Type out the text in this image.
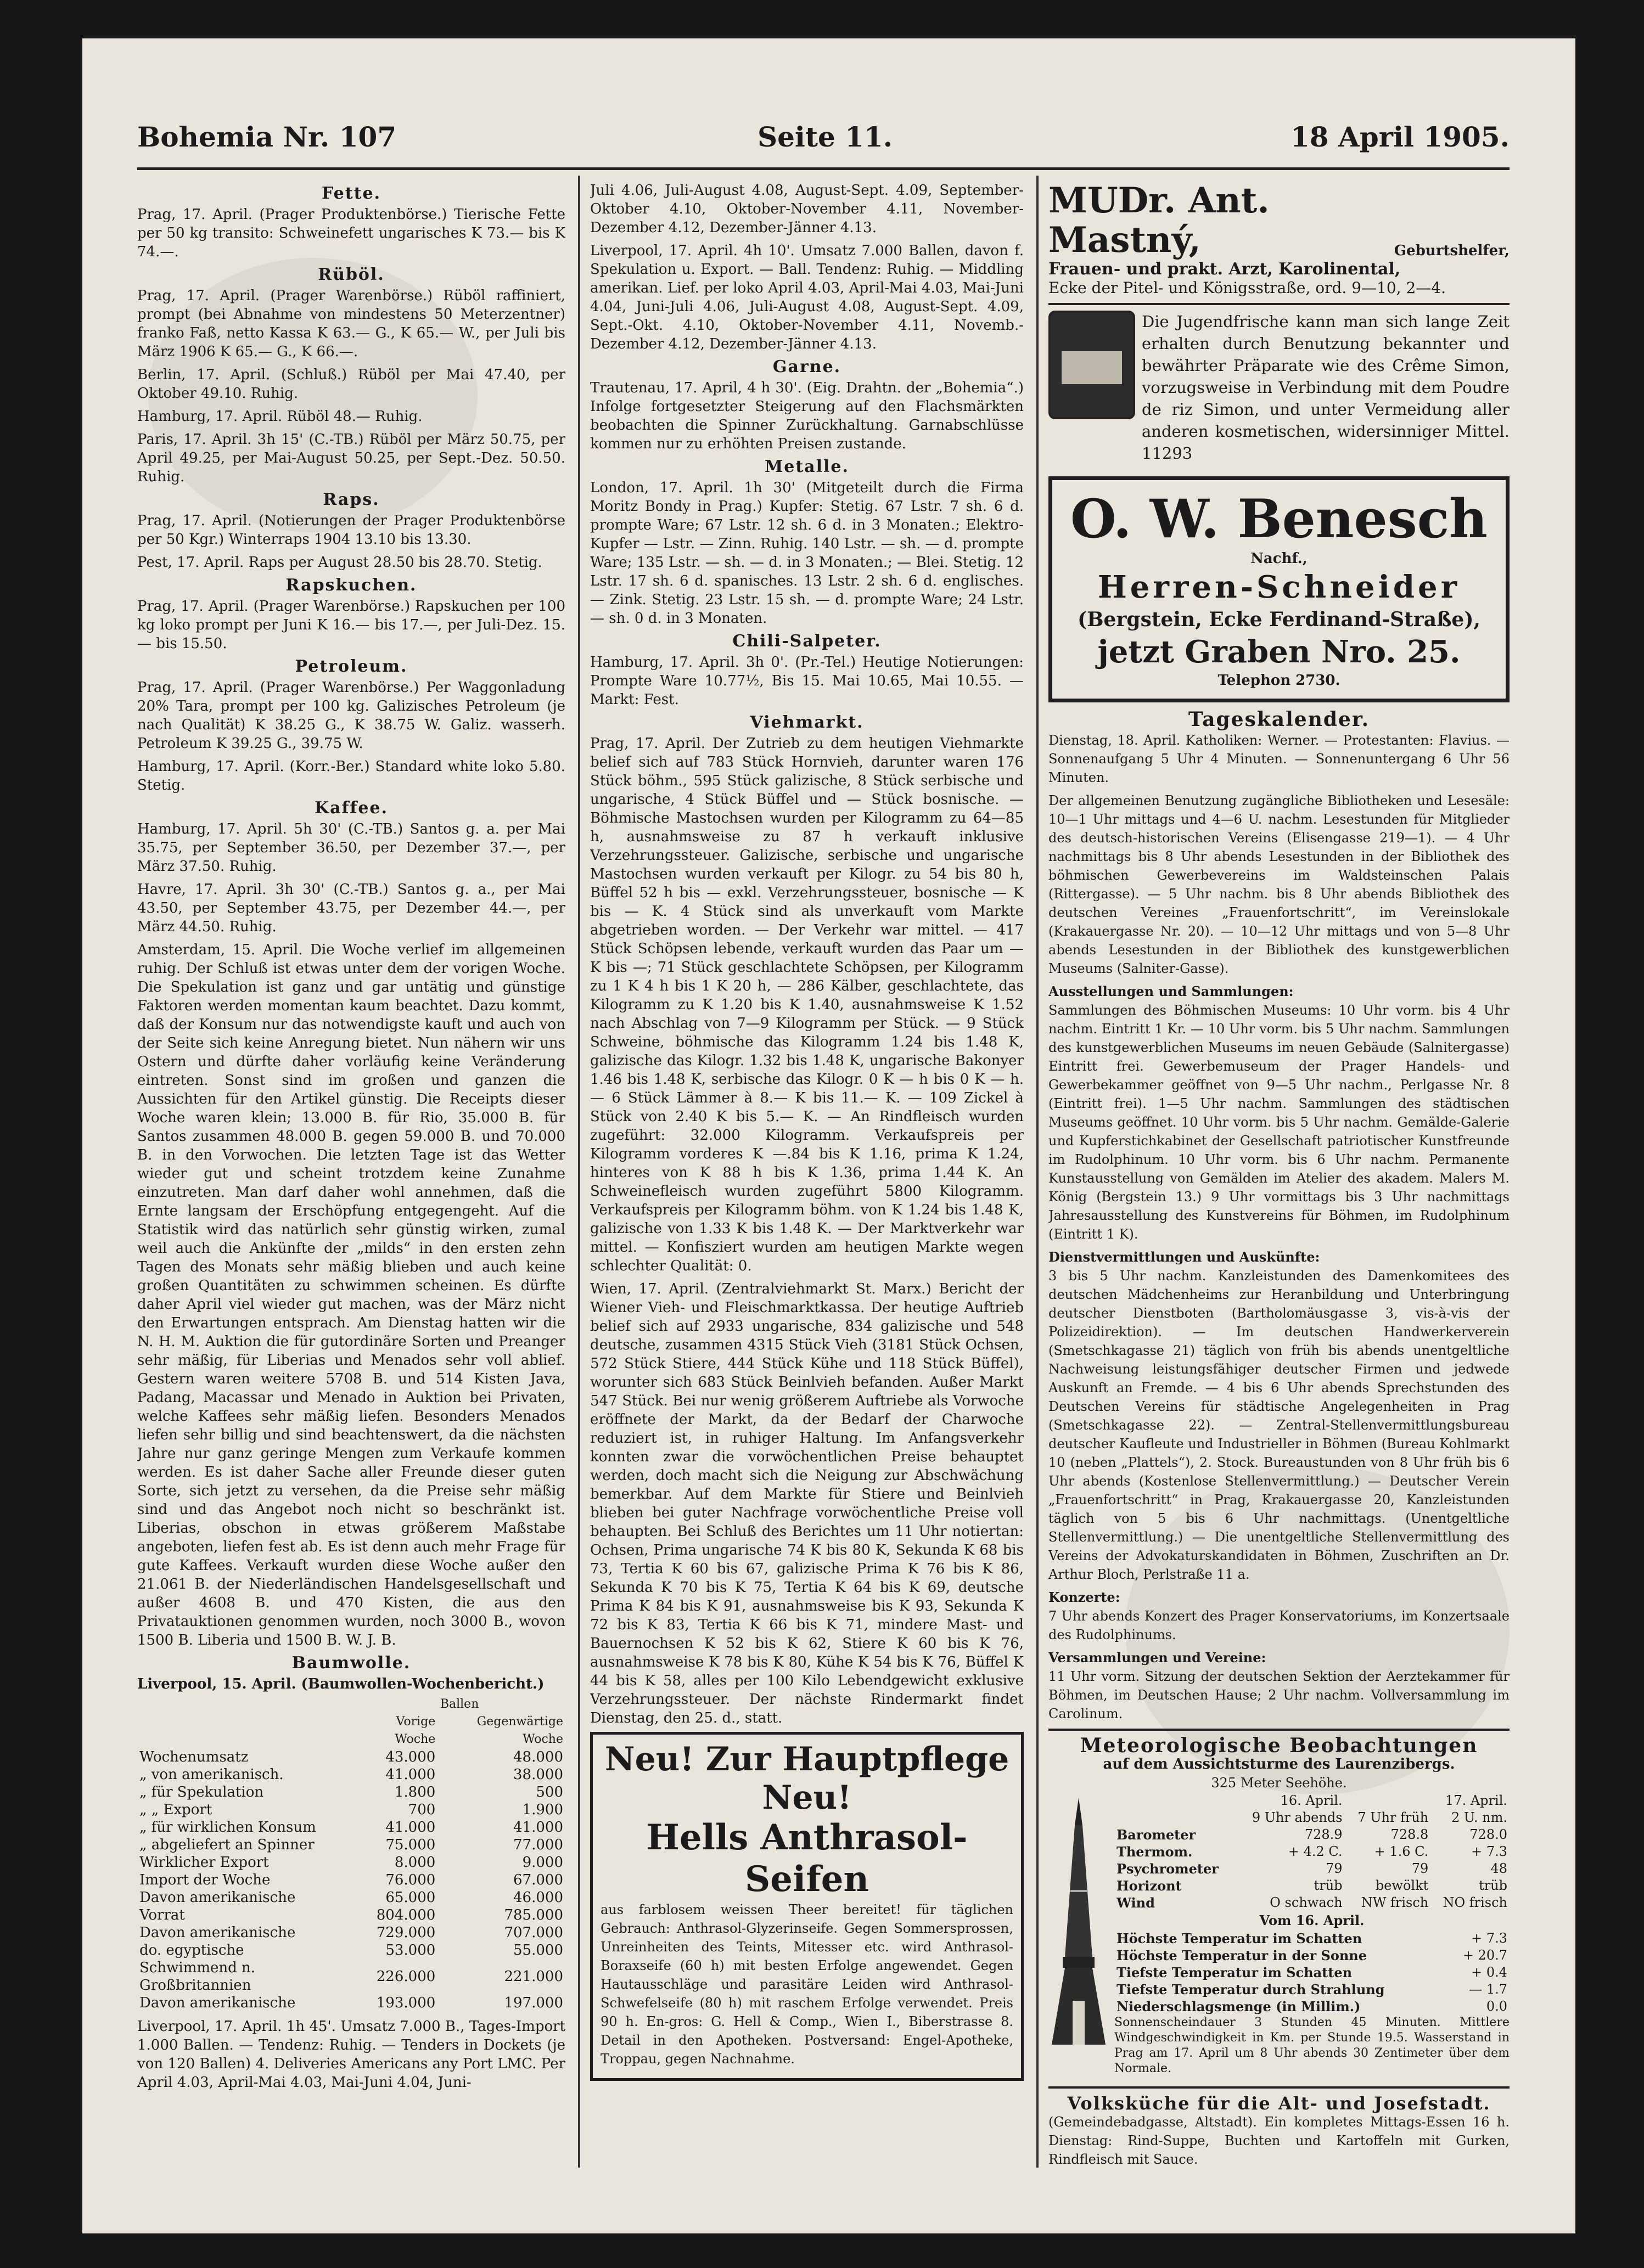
Bohemia Nr. 107	Seite 11.	18 April 1905.
Fette.

Prag, 17. April. (Prager Produktenbörse.) Tierische Fette per 50 kg transito: Schweinefett ungarisches K 73.— bis K 74.—.

Rüböl.

Prag, 17. April. (Prager Warenbörse.) Rüböl raffiniert, prompt (bei Abnahme von mindestens 50 Meterzentner) franko Faß, netto Kassa K 63.— G., K 65.— W., per Juli bis März 1906 K 65.— G., K 66.—.

Berlin, 17. April. (Schluß.) Rüböl per Mai 47.40, per Oktober 49.10. Ruhig.

Hamburg, 17. April. Rüböl 48.— Ruhig.

Paris, 17. April. 3h 15' (C.-TB.) Rüböl per März 50.75, per April 49.25, per Mai-August 50.25, per Sept.-Dez. 50.50. Ruhig.

Raps.

Prag, 17. April. (Notierungen der Prager Produktenbörse per 50 Kgr.) Winterraps 1904 13.10 bis 13.30.

Pest, 17. April. Raps per August 28.50 bis 28.70. Stetig.

Rapskuchen.

Prag, 17. April. (Prager Warenbörse.) Rapskuchen per 100 kg loko prompt per Juni K 16.— bis 17.—, per Juli-Dez. 15.— bis 15.50.

Petroleum.

Prag, 17. April. (Prager Warenbörse.) Per Waggonladung 20% Tara, prompt per 100 kg. Galizisches Petroleum (je nach Qualität) K 38.25 G., K 38.75 W. Galiz. wasserh. Petroleum K 39.25 G., 39.75 W.

Hamburg, 17. April. (Korr.-Ber.) Standard white loko 5.80. Stetig.

Kaffee.

Hamburg, 17. April. 5h 30' (C.-TB.) Santos g. a. per Mai 35.75, per September 36.50, per Dezember 37.—, per März 37.50. Ruhig.

Havre, 17. April. 3h 30' (C.-TB.) Santos g. a., per Mai 43.50, per September 43.75, per Dezember 44.—, per März 44.50. Ruhig.

Amsterdam, 15. April. Die Woche verlief im allgemeinen ruhig. Der Schluß ist etwas unter dem der vorigen Woche. Die Spekulation ist ganz und gar untätig und günstige Faktoren werden momentan kaum beachtet. Dazu kommt, daß der Konsum nur das notwendigste kauft und auch von der Seite sich keine Anregung bietet. Nun nähern wir uns Ostern und dürfte daher vorläufig keine Veränderung eintreten. Sonst sind im großen und ganzen die Aussichten für den Artikel günstig. Die Receipts dieser Woche waren klein; 13.000 B. für Rio, 35.000 B. für Santos zusammen 48.000 B. gegen 59.000 B. und 70.000 B. in den Vorwochen. Die letzten Tage ist das Wetter wieder gut und scheint trotzdem keine Zunahme einzutreten. Man darf daher wohl annehmen, daß die Ernte langsam der Erschöpfung entgegengeht. Auf die Statistik wird das natürlich sehr günstig wirken, zumal weil auch die Ankünfte der „milds“ in den ersten zehn Tagen des Monats sehr mäßig blieben und auch keine großen Quantitäten zu schwimmen scheinen. Es dürfte daher April viel wieder gut machen, was der März nicht den Erwartungen entsprach. Am Dienstag hatten wir die N. H. M. Auktion die für gutordinäre Sorten und Preanger sehr mäßig, für Liberias und Menados sehr voll ablief. Gestern waren weitere 5708 B. und 514 Kisten Java, Padang, Macassar und Menado in Auktion bei Privaten, welche Kaffees sehr mäßig liefen. Besonders Menados liefen sehr billig und sind beachtenswert, da die nächsten Jahre nur ganz geringe Mengen zum Verkaufe kommen werden. Es ist daher Sache aller Freunde dieser guten Sorte, sich jetzt zu versehen, da die Preise sehr mäßig sind und das Angebot noch nicht so beschränkt ist. Liberias, obschon in etwas größerem Maßstabe angeboten, liefen fest ab. Es ist denn auch mehr Frage für gute Kaffees. Verkauft wurden diese Woche außer den 21.061 B. der Niederländischen Handelsgesellschaft und außer 4608 B. und 470 Kisten, die aus den Privatauktionen genommen wurden, noch 3000 B., wovon 1500 B. Liberia und 1500 B. W. J. B.

Baumwolle.

Liverpool, 15. April. (Baumwollen-Wochenbericht.)

	Ballen	
	Vorige Woche	Gegenwärtige Woche
Wochenumsatz	43.000	48.000
„ von amerikanisch.	41.000	38.000
„ für Spekulation	1.800	500
„ „ Export	700	1.900
„ für wirklichen Konsum	41.000	41.000
„ abgeliefert an Spinner	75.000	77.000
Wirklicher Export	8.000	9.000
Import der Woche	76.000	67.000
Davon amerikanische	65.000	46.000
Vorrat	804.000	785.000
Davon amerikanische	729.000	707.000
do. egyptische	53.000	55.000
Schwimmend n. Großbritannien	226.000	221.000
Davon amerikanische	193.000	197.000

Liverpool, 17. April. 1h 45'. Umsatz 7.000 B., Tages-Import 1.000 Ballen. — Tendenz: Ruhig. — Tenders in Dockets (je von 120 Ballen) 4. Deliveries Americans any Port LMC. Per April 4.03, April-Mai 4.03, Mai-Juni 4.04, Juni-

Juli 4.06, Juli-August 4.08, August-Sept. 4.09, September-Oktober 4.10, Oktober-November 4.11, November-Dezember 4.12, Dezember-Jänner 4.13.

Liverpool, 17. April. 4h 10'. Umsatz 7.000 Ballen, davon f. Spekulation u. Export. — Ball. Tendenz: Ruhig. — Middling amerikan. Lief. per loko April 4.03, April-Mai 4.03, Mai-Juni 4.04, Juni-Juli 4.06, Juli-August 4.08, August-Sept. 4.09, Sept.-Okt. 4.10, Oktober-November 4.11, Novemb.-Dezember 4.12, Dezember-Jänner 4.13.

Garne.

Trautenau, 17. April, 4 h 30'. (Eig. Drahtn. der „Bohemia“.) Infolge fortgesetzter Steigerung auf den Flachsmärkten beobachten die Spinner Zurückhaltung. Garnabschlüsse kommen nur zu erhöhten Preisen zustande.

Metalle.

London, 17. April. 1h 30' (Mitgeteilt durch die Firma Moritz Bondy in Prag.) Kupfer: Stetig. 67 Lstr. 7 sh. 6 d. prompte Ware; 67 Lstr. 12 sh. 6 d. in 3 Monaten.; Elektro-Kupfer — Lstr. — Zinn. Ruhig. 140 Lstr. — sh. — d. prompte Ware; 135 Lstr. — sh. — d. in 3 Monaten.; — Blei. Stetig. 12 Lstr. 17 sh. 6 d. spanisches. 13 Lstr. 2 sh. 6 d. englisches. — Zink. Stetig. 23 Lstr. 15 sh. — d. prompte Ware; 24 Lstr. — sh. 0 d. in 3 Monaten.

Chili-Salpeter.

Hamburg, 17. April. 3h 0'. (Pr.-Tel.) Heutige Notierungen: Prompte Ware 10.77½, Bis 15. Mai 10.65, Mai 10.55. — Markt: Fest.

Viehmarkt.

Prag, 17. April. Der Zutrieb zu dem heutigen Viehmarkte belief sich auf 783 Stück Hornvieh, darunter waren 176 Stück böhm., 595 Stück galizische, 8 Stück serbische und ungarische, 4 Stück Büffel und — Stück bosnische. — Böhmische Mastochsen wurden per Kilogramm zu 64—85 h, ausnahmsweise zu 87 h verkauft inklusive Verzehrungssteuer. Galizische, serbische und ungarische Mastochsen wurden verkauft per Kilogr. zu 54 bis 80 h, Büffel 52 h bis — exkl. Verzehrungssteuer, bosnische — K bis — K. 4 Stück sind als unverkauft vom Markte abgetrieben worden. — Der Verkehr war mittel. — 417 Stück Schöpsen lebende, verkauft wurden das Paar um — K bis —; 71 Stück geschlachtete Schöpsen, per Kilogramm zu 1 K 4 h bis 1 K 20 h, — 286 Kälber, geschlachtete, das Kilogramm zu K 1.20 bis K 1.40, ausnahmsweise K 1.52 nach Abschlag von 7—9 Kilogramm per Stück. — 9 Stück Schweine, böhmische das Kilogramm 1.24 bis 1.48 K, galizische das Kilogr. 1.32 bis 1.48 K, ungarische Bakonyer 1.46 bis 1.48 K, serbische das Kilogr. 0 K — h bis 0 K — h. — 6 Stück Lämmer à 8.— K bis 11.— K. — 109 Zickel à Stück von 2.40 K bis 5.— K. — An Rindfleisch wurden zugeführt: 32.000 Kilogramm. Verkaufspreis per Kilogramm vorderes K —.84 bis K 1.16, prima K 1.24, hinteres von K 88 h bis K 1.36, prima 1.44 K. An Schweinefleisch wurden zugeführt 5800 Kilogramm. Verkaufspreis per Kilogramm böhm. von K 1.24 bis 1.48 K, galizische von 1.33 K bis 1.48 K. — Der Marktverkehr war mittel. — Konfisziert wurden am heutigen Markte wegen schlechter Qualität: 0.

Wien, 17. April. (Zentralviehmarkt St. Marx.) Bericht der Wiener Vieh- und Fleischmarktkassa. Der heutige Auftrieb belief sich auf 2933 ungarische, 834 galizische und 548 deutsche, zusammen 4315 Stück Vieh (3181 Stück Ochsen, 572 Stück Stiere, 444 Stück Kühe und 118 Stück Büffel), worunter sich 683 Stück Beinlvieh befanden. Außer Markt 547 Stück. Bei nur wenig größerem Auftriebe als Vorwoche eröffnete der Markt, da der Bedarf der Charwoche reduziert ist, in ruhiger Haltung. Im Anfangsverkehr konnten zwar die vorwöchentlichen Preise behauptet werden, doch macht sich die Neigung zur Abschwächung bemerkbar. Auf dem Markte für Stiere und Beinlvieh blieben bei guter Nachfrage vorwöchentliche Preise voll behaupten. Bei Schluß des Berichtes um 11 Uhr notiertan: Ochsen, Prima ungarische 74 K bis 80 K, Sekunda K 68 bis 73, Tertia K 60 bis 67, galizische Prima K 76 bis K 86, Sekunda K 70 bis K 75, Tertia K 64 bis K 69, deutsche Prima K 84 bis K 91, ausnahmsweise bis K 93, Sekunda K 72 bis K 83, Tertia K 66 bis K 71, mindere Mast- und Bauernochsen K 52 bis K 62, Stiere K 60 bis K 76, ausnahmsweise K 78 bis K 80, Kühe K 54 bis K 76, Büffel K 44 bis K 58, alles per 100 Kilo Lebendgewicht exklusive Verzehrungssteuer. Der nächste Rindermarkt findet Dienstag, den 25. d., statt.

Neu! Zur Hauptpflege Neu!
Hells Anthrasol-Seifen

aus farblosem weissen Theer bereitet! für täglichen Gebrauch: Anthrasol-Glyzerinseife. Gegen Sommersprossen, Unreinheiten des Teints, Mitesser etc. wird Anthrasol-Boraxseife (60 h) mit besten Erfolge angewendet. Gegen Hautausschläge und parasitäre Leiden wird Anthrasol-Schwefelseife (80 h) mit raschem Erfolge verwendet. Preis 90 h. En-gros: G. Hell & Comp., Wien I., Biberstrasse 8. Detail in den Apotheken. Postversand: Engel-Apotheke, Troppau, gegen Nachnahme.

MUDr. Ant. Mastný,	Geburtshelfer,

Frauen- und prakt. Arzt, Karolinental,

Ecke der Pitel- und Königsstraße, ord. 9—10, 2—4.

Die Jugendfrische kann man sich lange Zeit erhalten durch Benutzung bekannter und bewährter Präparate wie des Crême Simon, vorzugsweise in Verbindung mit dem Poudre de riz Simon, und unter Vermeidung aller anderen kosmetischen, widersinniger Mittel. 11293

O. W. Benesch
Nachf.,
Herren-Schneider
(Bergstein, Ecke Ferdinand-Straße),
jetzt Graben Nro. 25.
Telephon 2730.
Tageskalender.

Dienstag, 18. April. Katholiken: Werner. — Protestanten: Flavius. — Sonnenaufgang 5 Uhr 4 Minuten. — Sonnenuntergang 6 Uhr 56 Minuten.

Der allgemeinen Benutzung zugängliche Bibliotheken und Lesesäle: 10—1 Uhr mittags und 4—6 U. nachm. Lesestunden für Mitglieder des deutsch-historischen Vereins (Elisengasse 219—1). — 4 Uhr nachmittags bis 8 Uhr abends Lesestunden in der Bibliothek des böhmischen Gewerbevereins im Waldsteinschen Palais (Rittergasse). — 5 Uhr nachm. bis 8 Uhr abends Bibliothek des deutschen Vereines „Frauenfortschritt“, im Vereinslokale (Krakauergasse Nr. 20). — 10—12 Uhr mittags und von 5—8 Uhr abends Lesestunden in der Bibliothek des kunstgewerblichen Museums (Salniter-Gasse).

Ausstellungen und Sammlungen:

Sammlungen des Böhmischen Museums: 10 Uhr vorm. bis 4 Uhr nachm. Eintritt 1 Kr. — 10 Uhr vorm. bis 5 Uhr nachm. Sammlungen des kunstgewerblichen Museums im neuen Gebäude (Salnitergasse) Eintritt frei. Gewerbemuseum der Prager Handels- und Gewerbekammer geöffnet von 9—5 Uhr nachm., Perlgasse Nr. 8 (Eintritt frei). 1—5 Uhr nachm. Sammlungen des städtischen Museums geöffnet. 10 Uhr vorm. bis 5 Uhr nachm. Gemälde-Galerie und Kupferstichkabinet der Gesellschaft patriotischer Kunstfreunde im Rudolphinum. 10 Uhr vorm. bis 6 Uhr nachm. Permanente Kunstausstellung von Gemälden im Atelier des akadem. Malers M. König (Bergstein 13.) 9 Uhr vormittags bis 3 Uhr nachmittags Jahresausstellung des Kunstvereins für Böhmen, im Rudolphinum (Eintritt 1 K).

Dienstvermittlungen und Auskünfte:

3 bis 5 Uhr nachm. Kanzleistunden des Damenkomitees des deutschen Mädchenheims zur Heranbildung und Unterbringung deutscher Dienstboten (Bartholomäusgasse 3, vis-à-vis der Polizeidirektion). — Im deutschen Handwerkerverein (Smetschkagasse 21) täglich von früh bis abends unentgeltliche Nachweisung leistungsfähiger deutscher Firmen und jedwede Auskunft an Fremde. — 4 bis 6 Uhr abends Sprechstunden des Deutschen Vereins für städtische Angelegenheiten in Prag (Smetschkagasse 22). — Zentral-Stellenvermittlungsbureau deutscher Kaufleute und Industrieller in Böhmen (Bureau Kohlmarkt 10 (neben „Plattels“), 2. Stock. Bureaustunden von 8 Uhr früh bis 6 Uhr abends (Kostenlose Stellenvermittlung.) — Deutscher Verein „Frauenfortschritt“ in Prag, Krakauergasse 20, Kanzleistunden täglich von 5 bis 6 Uhr nachmittags. (Unentgeltliche Stellenvermittlung.) — Die unentgeltliche Stellenvermittlung des Vereins der Advokaturskandidaten in Böhmen, Zuschriften an Dr. Arthur Bloch, Perlstraße 11 a.

Konzerte:

7 Uhr abends Konzert des Prager Konservatoriums, im Konzertsaale des Rudolphinums.

Versammlungen und Vereine:

11 Uhr vorm. Sitzung der deutschen Sektion der Aerztekammer für Böhmen, im Deutschen Hause; 2 Uhr nachm. Vollversammlung im Carolinum.

Meteorologische Beobachtungen
auf dem Aussichtsturme des Laurenzibergs.
325 Meter Seehöhe.
	16. April.	17. April.	
	9 Uhr abends	7 Uhr früh	2 U. nm.
Barometer	728.9	728.8	728.0
Thermom.	+ 4.2 C.	+ 1.6 C.	+ 7.3
Psychrometer	79	79	48
Horizont	trüb	bewölkt	trüb
Wind	O schwach	NW frisch	NO frisch
Vom 16. April.
Höchste Temperatur im Schatten	+ 7.3
Höchste Temperatur in der Sonne	+ 20.7
Tiefste Temperatur im Schatten	+ 0.4
Tiefste Temperatur durch Strahlung	— 1.7
Niederschlagsmenge (in Millim.)	0.0

Sonnenscheindauer 3 Stunden 45 Minuten. Mittlere Windgeschwindigkeit in Km. per Stunde 19.5. Wasserstand in Prag am 17. April um 8 Uhr abends 30 Zentimeter über dem Normale.

Volksküche für die Alt- und Josefstadt.

(Gemeindebadgasse, Altstadt). Ein kompletes Mittags-Essen 16 h. Dienstag: Rind-Suppe, Buchten und Kartoffeln mit Gurken, Rindfleisch mit Sauce.
